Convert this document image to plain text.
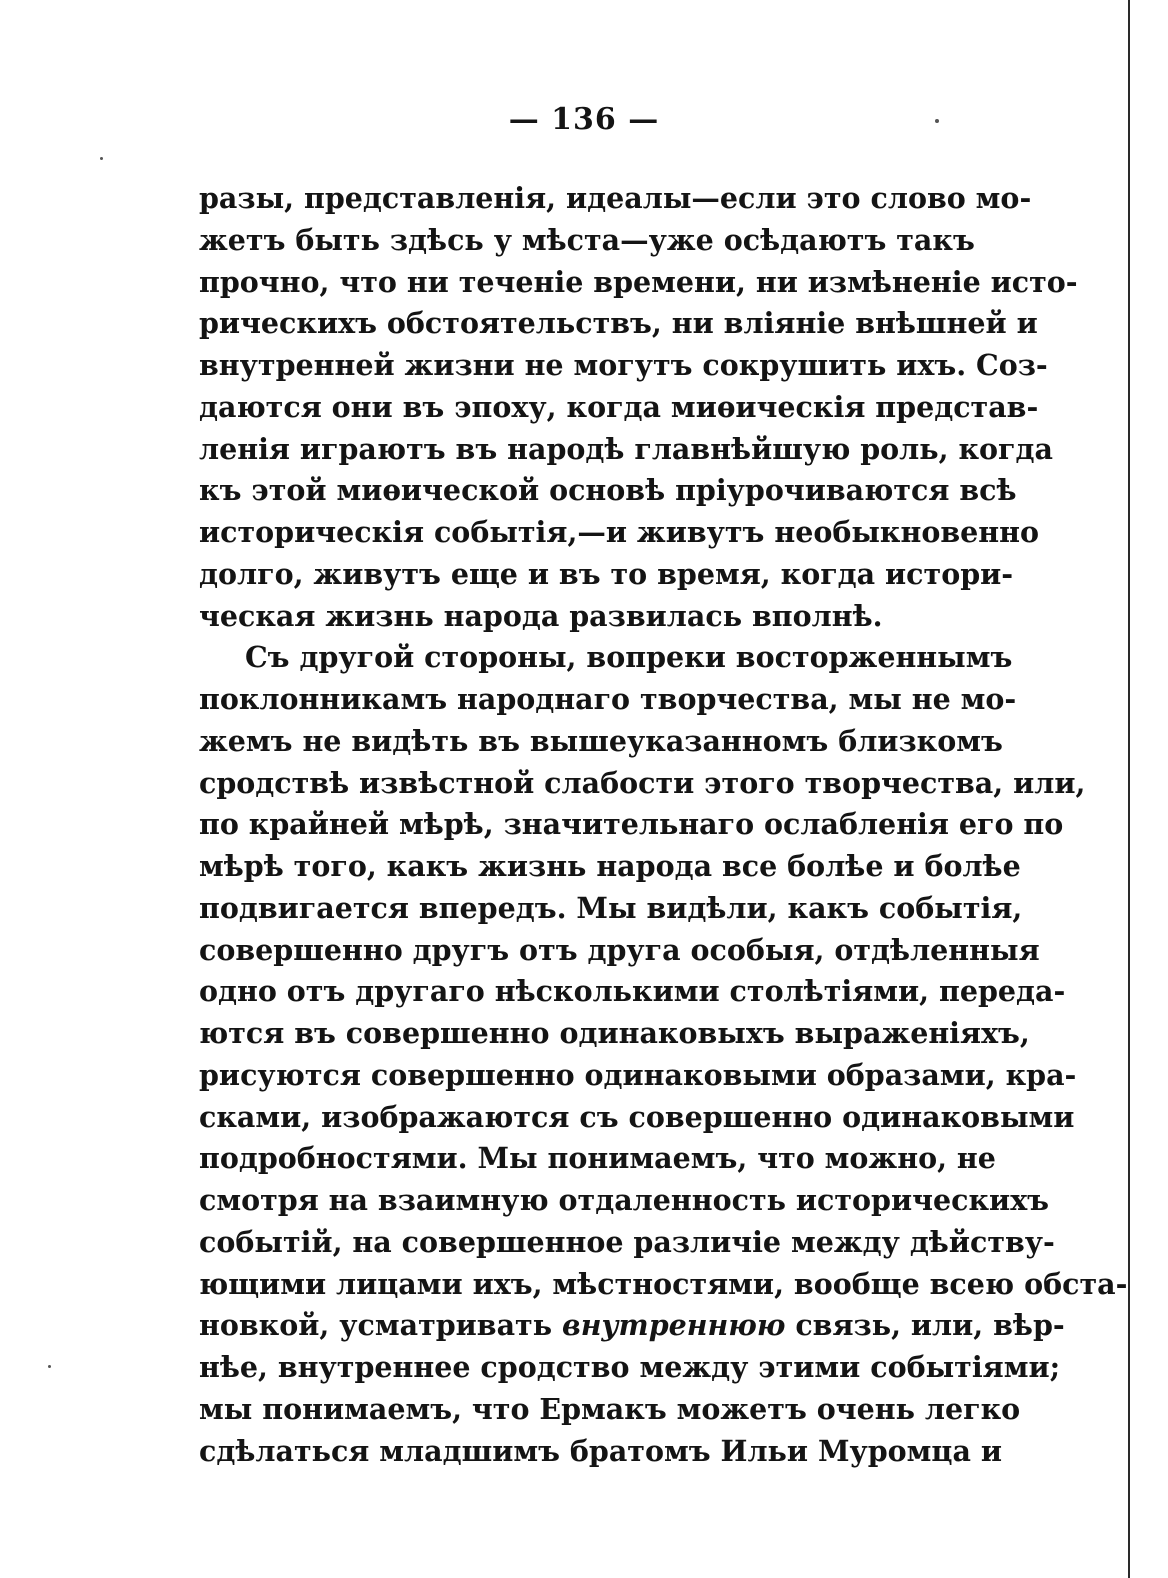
— 136 —
разы, представленія, идеалы—если это слово мо-
жетъ быть здѣсь у мѣста—уже осѣдаютъ такъ
прочно, что ни теченіе времени, ни измѣненіе исто-
рическихъ обстоятельствъ, ни вліяніе внѣшней и
внутренней жизни не могутъ сокрушить ихъ. Соз-
даются они въ эпоху, когда миѳическія представ-
ленія играютъ въ народѣ главнѣйшую роль, когда
къ этой миѳической основѣ пріурочиваются всѣ
историческія событія,—и живутъ необыкновенно
долго, живутъ еще и въ то время, когда истори-
ческая жизнь народа развилась вполнѣ.
Съ другой стороны, вопреки восторженнымъ
поклонникамъ народнаго творчества, мы не мо-
жемъ не видѣть въ вышеуказанномъ близкомъ
сродствѣ извѣстной слабости этого творчества, или,
по крайней мѣрѣ, значительнаго ослабленія его по
мѣрѣ того, какъ жизнь народа все болѣе и болѣе
подвигается впередъ. Мы видѣли, какъ событія,
совершенно другъ отъ друга особыя, отдѣленныя
одно отъ другаго нѣсколькими столѣтіями, переда-
ются въ совершенно одинаковыхъ выраженіяхъ,
рисуются совершенно одинаковыми образами, кра-
сками, изображаются съ совершенно одинаковыми
подробностями. Мы понимаемъ, что можно, не
смотря на взаимную отдаленность историческихъ
событій, на совершенное различіе между дѣйству-
ющими лицами ихъ, мѣстностями, вообще всею обста-
новкой, усматривать внутреннюю связь, или, вѣр-
нѣе, внутреннее сродство между этими событіями;
мы понимаемъ, что Ермакъ можетъ очень легко
сдѣлаться младшимъ братомъ Ильи Муромца и
